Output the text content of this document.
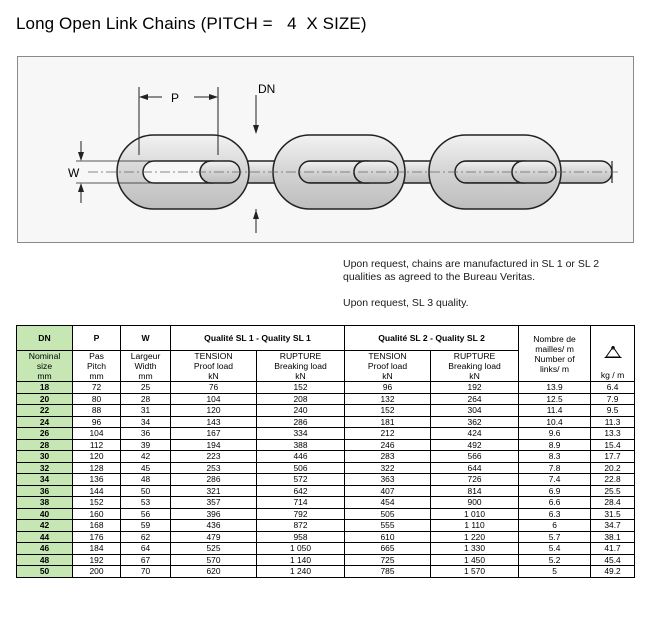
Long Open Link Chains (PITCH =   4  X SIZE)
P
DN
W

Upon request, chains are manufactured in SL 1 or SL 2 qualities as agreed to the Bureau Veritas.

Upon request, SL 3 quality.

DN	P	W	Qualité SL 1 - Quality SL 1		Qualité SL 2 - Quality SL 2		Nombre de
mailles/ m
Number of
links/ m	kg / m

Nominal
size
mm	Pas
Pitch
mm	Largeur
Width
mm	TENSION
Proof load
kN	RUPTURE
Breaking load
kN	TENSION
Proof load
kN	RUPTURE
Breaking load
kN		

18	72	25	76	152	96	192	13.9	6.4
20	80	28	104	208	132	264	12.5	7.9
22	88	31	120	240	152	304	11.4	9.5
24	96	34	143	286	181	362	10.4	11.3
26	104	36	167	334	212	424	9.6	13.3
28	112	39	194	388	246	492	8.9	15.4
30	120	42	223	446	283	566	8.3	17.7
32	128	45	253	506	322	644	7.8	20.2
34	136	48	286	572	363	726	7.4	22.8
36	144	50	321	642	407	814	6.9	25.5
38	152	53	357	714	454	900	6.6	28.4
40	160	56	396	792	505	1 010	6.3	31.5
42	168	59	436	872	555	1 110	6	34.7
44	176	62	479	958	610	1 220	5.7	38.1
46	184	64	525	1 050	665	1 330	5.4	41.7
48	192	67	570	1 140	725	1 450	5.2	45.4
50	200	70	620	1 240	785	1 570	5	49.2
